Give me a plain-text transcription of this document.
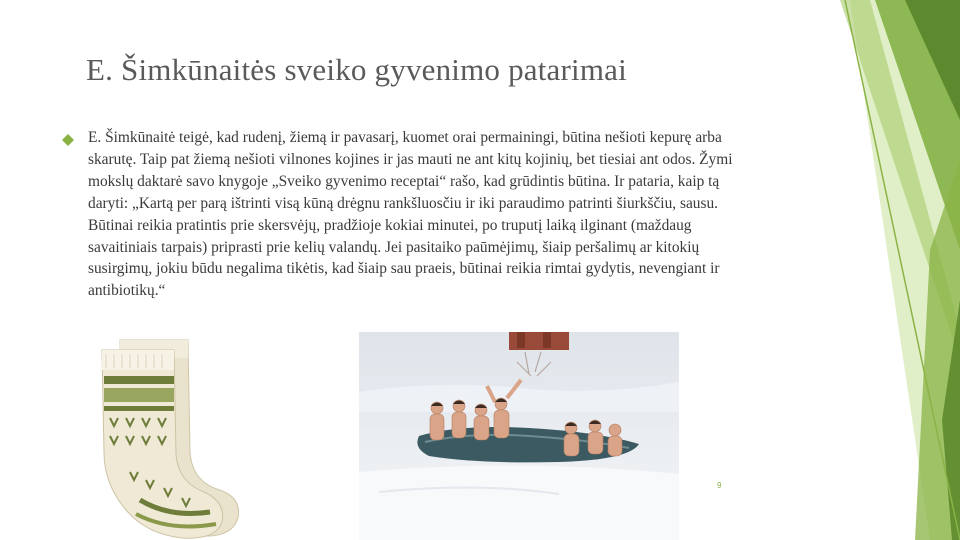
E. Šimkūnaitės sveiko gyvenimo patarimai
E. Šimkūnaitė teigė, kad rudenį, žiemą ir pavasarį, kuomet orai permainingi, būtina nešioti kepurę arba skarutę. Taip pat žiemą nešioti vilnones kojines ir jas mauti ne ant kitų kojinių, bet tiesiai ant odos. Žymi mokslų daktarė savo knygoje „Sveiko gyvenimo receptai“ rašo, kad grūdintis būtina. Ir pataria, kaip tą daryti: „Kartą per parą ištrinti visą kūną drėgnu rankšluosčiu ir iki paraudimo patrinti šiurkščiu, sausu. Būtinai reikia pratintis prie skersvėjų, pradžioje kokiai minutei, po truputį laiką ilginant (maždaug savaitiniais tarpais) priprasti prie kelių valandų. Jei pasitaiko paūmėjimų, šiaip peršalimų ar kitokių susirgimų, jokiu būdu negalima tikėtis, kad šiaip sau praeis, būtinai reikia rimtai gydytis, nevengiant ir antibiotikų.“
9
